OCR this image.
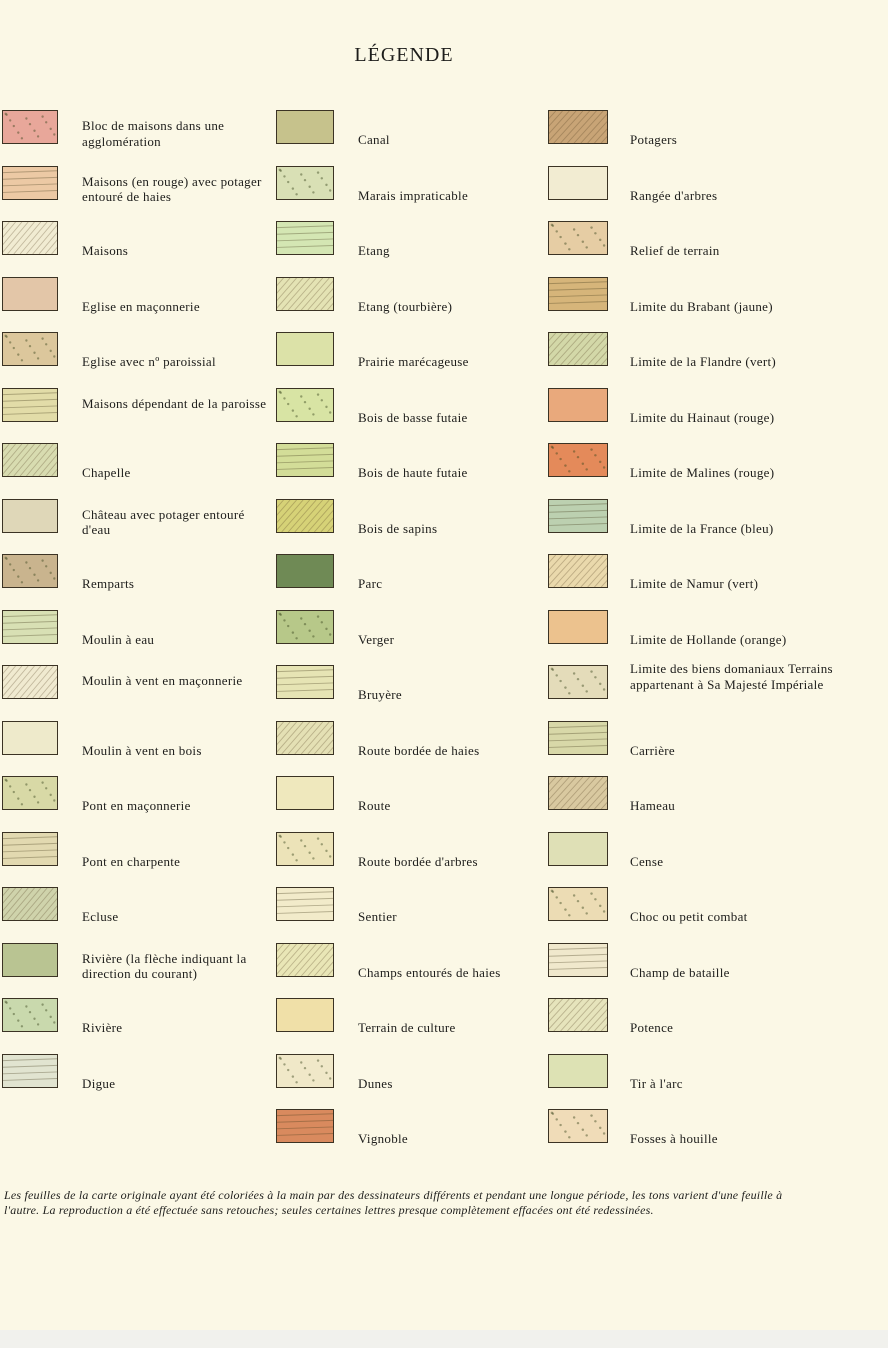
LÉGENDE
Bloc de maisons dans une agglomération
Maisons (en rouge) avec potager entouré de haies
Maisons
Eglise en maçonnerie
Eglise avec nº paroissial
Maisons dépendant de la paroisse
Chapelle
Château avec potager entouré d'eau
Remparts
Moulin à eau
Moulin à vent en maçonnerie
Moulin à vent en bois
Pont en maçonnerie
Pont en charpente
Ecluse
Rivière (la flèche indiquant la direction du courant)
Rivière
Digue
Canal
Marais impraticable
Etang
Etang (tourbière)
Prairie marécageuse
Bois de basse futaie
Bois de haute futaie
Bois de sapins
Parc
Verger
Bruyère
Route bordée de haies
Route
Route bordée d'arbres
Sentier
Champs entourés de haies
Terrain de culture
Dunes
Vignoble
Potagers
Rangée d'arbres
Relief de terrain
Limite du Brabant (jaune)
Limite de la Flandre (vert)
Limite du Hainaut (rouge)
Limite de Malines (rouge)
Limite de la France (bleu)
Limite de Namur (vert)
Limite de Hollande (orange)
Limite des biens domaniaux Terrains appartenant à Sa Majesté Impériale
Carrière
Hameau
Cense
Choc ou petit combat
Champ de bataille
Potence
Tir à l'arc
Fosses à houille
Les feuilles de la carte originale ayant été coloriées à la main par des dessinateurs différents et pendant une longue période, les tons varient d'une feuille à l'autre. La reproduction a été effectuée sans retouches; seules certaines lettres presque complètement effacées ont été redessinées.
